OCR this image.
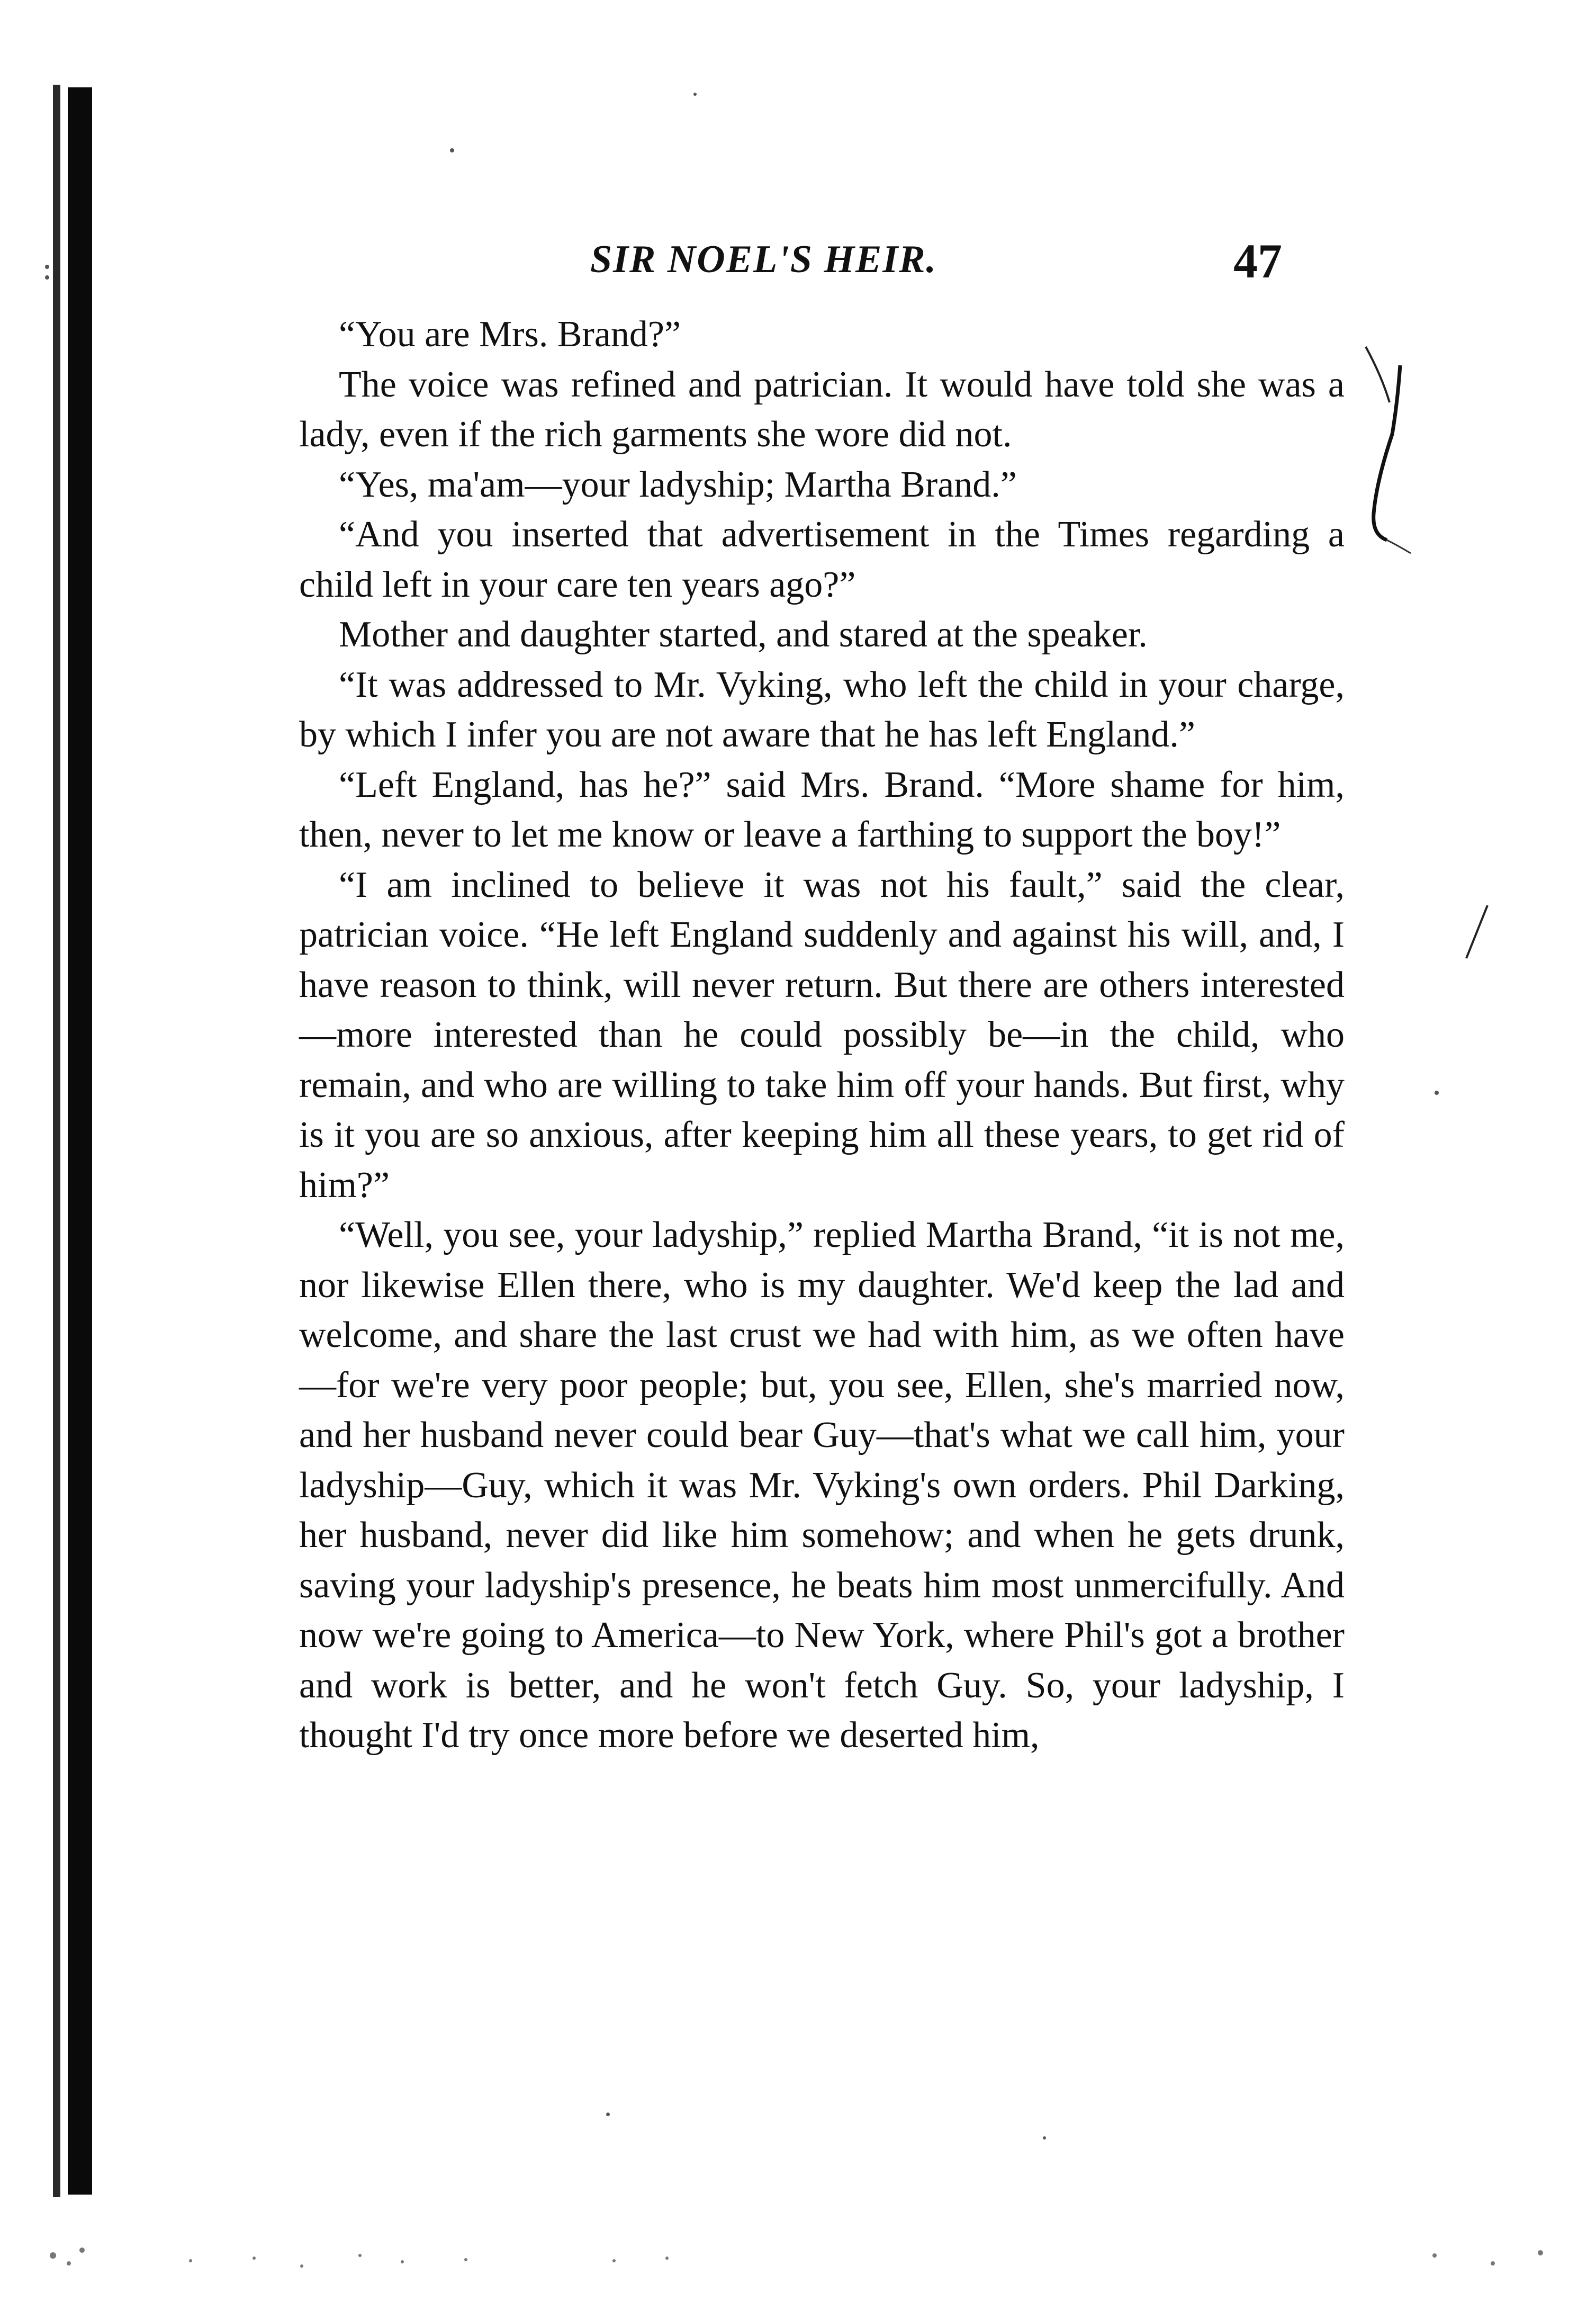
SIR NOEL'S HEIR.	47

“You are Mrs. Brand?”

The voice was refined and patrician. It would have told she was a lady, even if the rich garments she wore did not.

“Yes, ma'am—your ladyship; Martha Brand.”

“And you inserted that advertisement in the Times regarding a child left in your care ten years ago?”

Mother and daughter started, and stared at the speaker.

“It was addressed to Mr. Vyking, who left the child in your charge, by which I infer you are not aware that he has left England.”

“Left England, has he?” said Mrs. Brand. “More shame for him, then, never to let me know or leave a farthing to support the boy!”

“I am inclined to believe it was not his fault,” said the clear, patrician voice. “He left England suddenly and against his will, and, I have reason to think, will never return. But there are others interested—more interested than he could possibly be—in the child, who remain, and who are willing to take him off your hands. But first, why is it you are so anxious, after keeping him all these years, to get rid of him?”

“Well, you see, your ladyship,” replied Martha Brand, “it is not me, nor likewise Ellen there, who is my daughter. We'd keep the lad and welcome, and share the last crust we had with him, as we often have—for we're very poor people; but, you see, Ellen, she's married now, and her husband never could bear Guy—that's what we call him, your ladyship—Guy, which it was Mr. Vyking's own orders. Phil Darking, her husband, never did like him somehow; and when he gets drunk, saving your ladyship's presence, he beats him most unmercifully. And now we're going to America—to New York, where Phil's got a brother and work is better, and he won't fetch Guy. So, your ladyship, I thought I'd try once more before we deserted him,
